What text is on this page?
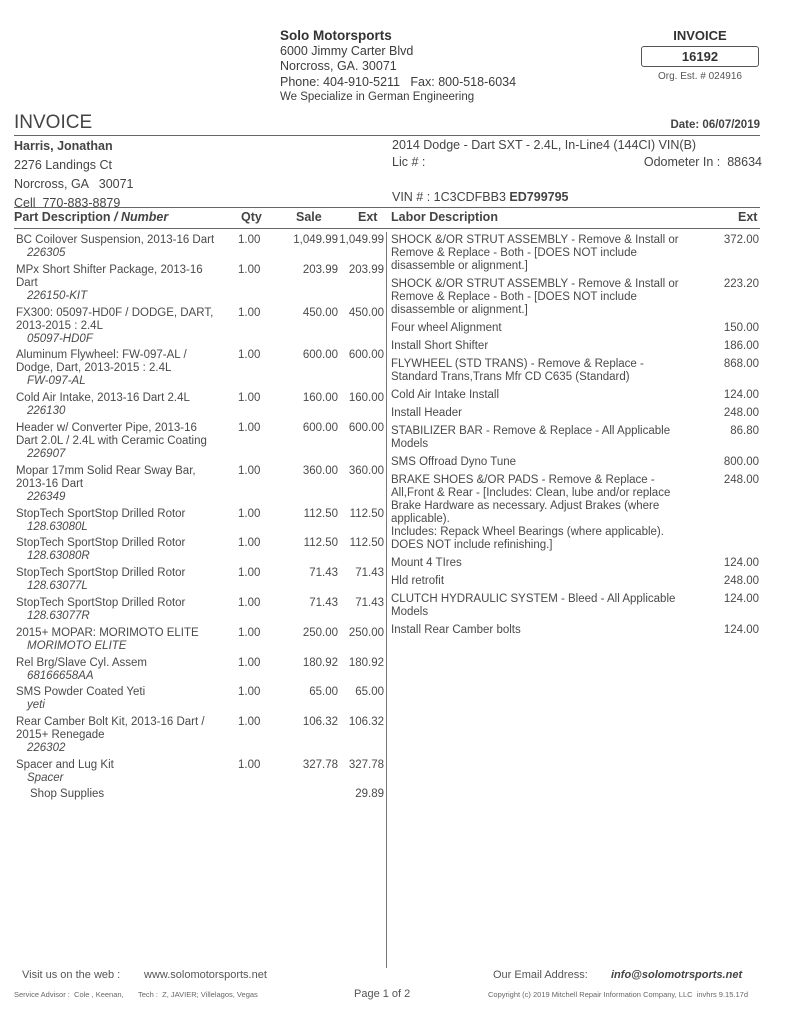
Solo Motorsports
6000 Jimmy Carter Blvd
Norcross, GA. 30071
Phone: 404-910-5211   Fax: 800-518-6034
We Specialize in German Engineering
INVOICE
16192
Org. Est. # 024916
INVOICE	Date: 06/07/2019
Harris, Jonathan
2276 Landings Ct
Norcross, GA   30071
Cell  770-883-8879
2014 Dodge - Dart SXT - 2.4L, In-Line4 (144CI) VIN(B)
Lic # :	Odometer In :  88634
VIN # : 1C3CDFBB3 ED799795
Part Description / Number	Qty	Sale	Ext Labor Description	Ext
BC Coilover Suspension, 2013-16 Dart
226305
1.00	1,049.99 1,049.99
MPx Short Shifter Package, 2013-16 Dart
226150-KIT
1.00	203.99 203.99
FX300: 05097-HD0F / DODGE, DART, 2013-2015 : 2.4L
05097-HD0F
1.00	450.00 450.00
Aluminum Flywheel: FW-097-AL / Dodge, Dart, 2013-2015 : 2.4L
FW-097-AL
1.00	600.00 600.00
Cold Air Intake, 2013-16 Dart 2.4L
226130
1.00	160.00 160.00
Header w/ Converter Pipe, 2013-16 Dart 2.0L / 2.4L with Ceramic Coating
226907
1.00	600.00 600.00
Mopar 17mm Solid Rear Sway Bar, 2013-16 Dart
226349
1.00	360.00 360.00
StopTech SportStop Drilled Rotor
128.63080L
1.00	112.50	112.50
StopTech SportStop Drilled Rotor
128.63080R
1.00	112.50	112.50
StopTech SportStop Drilled Rotor
128.63077L
1.00	71.43	71.43
StopTech SportStop Drilled Rotor
128.63077R
1.00	71.43	71.43
2015+ MOPAR: MORIMOTO ELITE
MORIMOTO ELITE
1.00	250.00 250.00
Rel Brg/Slave Cyl. Assem
68166658AA
1.00	180.92 180.92
SMS Powder Coated Yeti
yeti
1.00	65.00	65.00
Rear Camber Bolt Kit, 2013-16 Dart / 2015+ Renegade
226302
1.00	106.32 106.32
Spacer and Lug Kit
Spacer
1.00	327.78 327.78
Shop Supplies	29.89
SHOCK &/OR STRUT ASSEMBLY - Remove & Install or Remove & Replace - Both - [DOES NOT include disassemble or alignment.]
372.00
SHOCK &/OR STRUT ASSEMBLY - Remove & Install or Remove & Replace - Both - [DOES NOT include disassemble or alignment.]
223.20
Four wheel Alignment	150.00
Install Short Shifter	186.00
FLYWHEEL (STD TRANS) - Remove & Replace - Standard Trans,Trans Mfr CD C635 (Standard)
868.00
Cold Air Intake Install	124.00
Install Header	248.00
STABILIZER BAR - Remove & Replace - All Applicable Models
86.80
SMS Offroad Dyno Tune	800.00
BRAKE SHOES &/OR PADS - Remove & Replace - All,Front & Rear - [Includes: Clean, lube and/or replace Brake Hardware as necessary. Adjust Brakes (where applicable).
Includes: Repack Wheel Bearings (where applicable). DOES NOT include refinishing.]
248.00
Mount 4 TIres	124.00
Hld retrofit	248.00
CLUTCH HYDRAULIC SYSTEM - Bleed - All Applicable Models
124.00
Install Rear Camber bolts	124.00
Visit us on the web : www.solomotorsports.net	Our Email Address: info@solomotrsports.net
Service Advisor :  Cole , Keenan, Tech :  Z, JAVIER; Villelagos, Vegas	Page 1 of 2	Copyright (c) 2019 Mitchell Repair Information Company, LLC  invhrs 9.15.17d
